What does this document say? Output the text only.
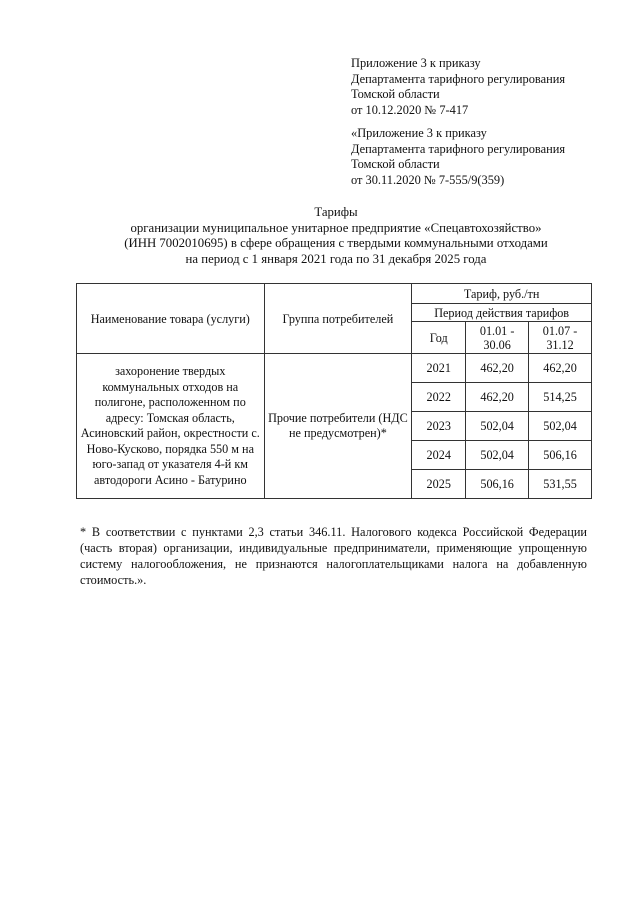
Приложение 3 к приказу
Департамента тарифного регулирования
Томской области
от 10.12.2020 № 7-417
«Приложение 3 к приказу
Департамента тарифного регулирования
Томской области
от 30.11.2020 № 7-555/9(359)
Тарифы
организации муниципальное унитарное предприятие «Спецавтохозяйство»
(ИНН 7002010695) в сфере обращения с твердыми коммунальными отходами
на период с 1 января 2021 года по 31 декабря 2025 года
Наименование товара (услуги)	Группа потребителей	Тариф, руб./тн		
		Период действия тарифов		
		Год	01.01 - 30.06	01.07 - 31.12
захоронение твердых коммунальных отходов на полигоне, расположенном по адресу: Томская область, Асиновский район, окрестности с. Ново-Кусково, порядка 550 м на юго-запад от указателя 4-й км автодороги Асино - Батурино	Прочие потребители (НДС не предусмотрен)*	2021	462,20	462,20
		2022	462,20	514,25
		2023	502,04	502,04
		2024	502,04	506,16
		2025	506,16	531,55
* В соответствии с пунктами 2,3 статьи 346.11. Налогового кодекса Российской Федерации (часть вторая) организации, индивидуальные предприниматели, применяющие упрощенную систему налогообложения, не признаются налогоплательщиками налога на добавленную стоимость.».
